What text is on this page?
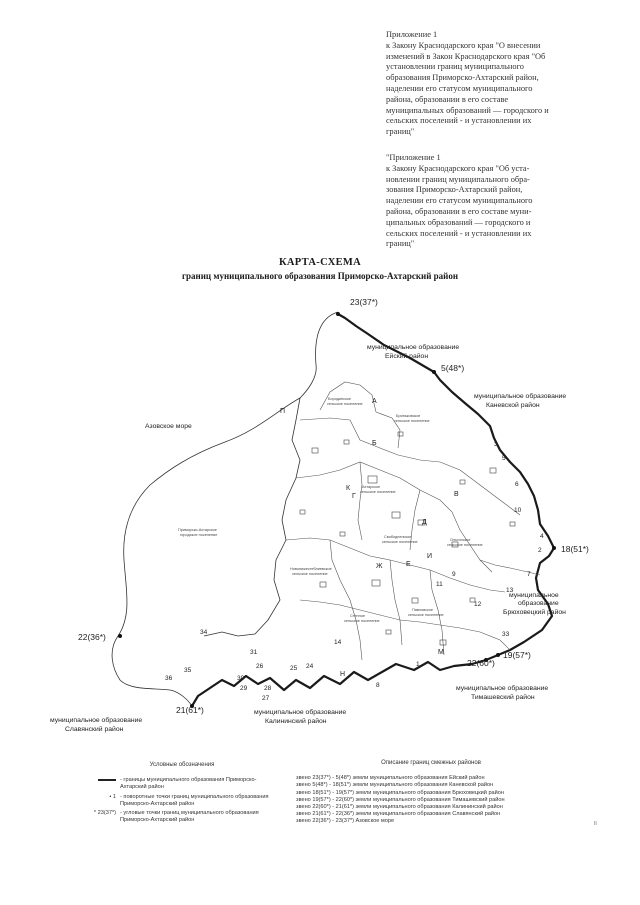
Приложение 1
к Закону Краснодарского края "О внесении
изменений в Закон Краснодарского края "Об
установлении границ муниципального
образования Приморско-Ахтарский район,
наделении его статусом муниципального
района, образовании в его составе
муниципальных образований — городского и
сельских поселений - и установлении их
границ"
"Приложение 1
к Закону Краснодарского края "Об уста-
новлении границ муниципального обра-
зования Приморско-Ахтарский район,
наделении его статусом муниципального
района, образовании в его составе муни-
ципальных образований — городского и
сельских поселений - и установлении их
границ"
КАРТА-СХЕМА
границ муниципального образования Приморско-Ахтарский район
23(37*)
5(48*)
18(51*)
19(57*)
22(60*)
21(61*)
22(36*)
муниципальное образование
Ейский район
муниципальное образование
Каневской район
муниципальное
образование
Брюховецкий район
муниципальное образование
Тимашевский район
муниципальное образование
Калининский район
муниципальное образование
Славянский район
Азовское море
Бородинское
сельское поселение
Бриньковское
сельское поселение
Ахтарское
сельское поселение
Приморско-Ахтарское
городское поселение
Новонижестеблиевское
сельское поселение
Свободненское
сельское поселение	Ольгинское
сельское поселение
Степное
сельское поселение
Павловское
сельское поселение
А
Б
В
Г
Д
Е
Ж
И
К
М
Н
П
1
2
3
4
5
6
7
8
9
10
11
12
13
14
24
25
26
27
28
29
30
31
33
34
35
36
Условные обозначения
- границы муниципального образования Приморско-Ахтарский район
• 1 - поворотные точки границ муниципального образования Приморско-Ахтарский район
* 23(37*) - угловые точки границ муниципального образования Приморско-Ахтарский район
Описание границ смежных районов
звено 23(37*) - 5(48*) земли муниципального образования Ейский район
звено 5(48*) - 18(51*) земли муниципального образования Каневской район
звено 18(51*) - 19(57*) земли муниципального образования Брюховецкий район
звено 19(57*) - 22(60*) земли муниципального образования Тимашевский район
звено 22(60*) - 21(61*) земли муниципального образования Калининский район
звено 21(61*) - 22(36*) земли муниципального образования Славянский район
звено 22(36*) - 23(37*) Азовское море	II
